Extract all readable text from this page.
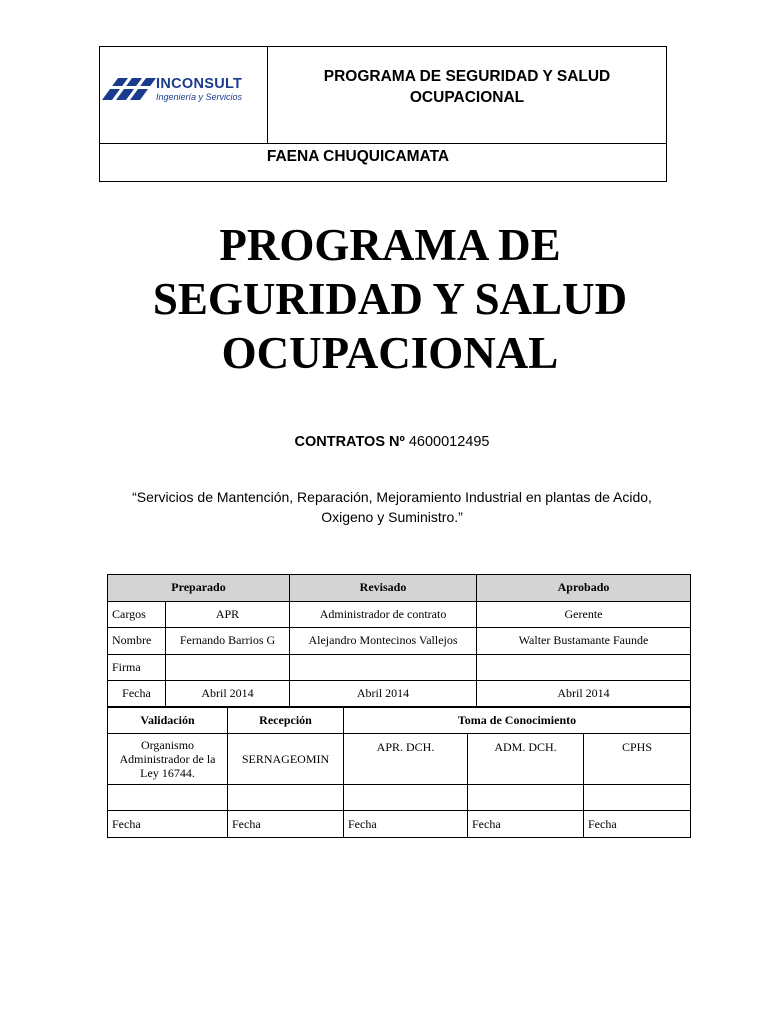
INCONSULT
Ingeniería y Servicios
PROGRAMA DE SEGURIDAD Y SALUD
OCUPACIONAL
FAENA CHUQUICAMATA
PROGRAMA DE
SEGURIDAD Y SALUD
OCUPACIONAL
CONTRATOS Nº 4600012495
“Servicios de Mantención, Reparación, Mejoramiento Industrial en plantas de Acido,
Oxigeno y Suministro.”
Preparado		Revisado	Aprobado
Cargos	APR	Administrador de contrato	Gerente
Nombre	Fernando Barrios G	Alejandro Montecinos Vallejos	Walter Bustamante Faunde
Firma			
Fecha	Abril 2014	Abril 2014	Abril 2014
Validación	Recepción	Toma de Conocimiento		
Organismo Administrador de la Ley 16744.	SERNAGEOMIN	APR. DCH.	ADM. DCH.	CPHS

Fecha	Fecha	Fecha	Fecha	Fecha
